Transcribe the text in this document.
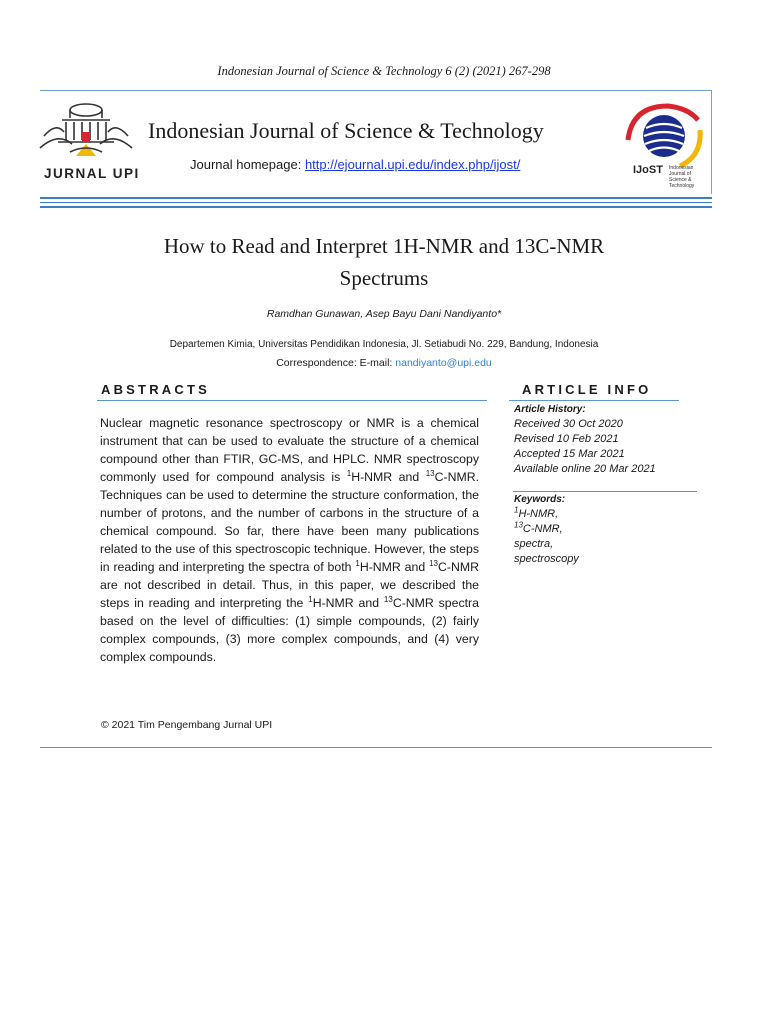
Indonesian Journal of Science & Technology 6 (2) (2021) 267-298
JURNAL UPI
Indonesian Journal of Science & Technology
Journal homepage: http://ejournal.upi.edu/index.php/ijost/	IJoST Indonesian Journal of Science & Technology
How to Read and Interpret 1H-NMR and 13C-NMR
Spectrums
Ramdhan Gunawan, Asep Bayu Dani Nandiyanto*
Departemen Kimia, Universitas Pendidikan Indonesia, Jl. Setiabudi No. 229, Bandung, Indonesia
Correspondence: E-mail: nandiyanto@upi.edu
ABSTRACTS	ARTICLE INFO
Nuclear magnetic resonance spectroscopy or NMR is a chemical instrument that can be used to evaluate the structure of a chemical compound other than FTIR, GC-MS, and HPLC. NMR spectroscopy commonly used for compound analysis is $^1$H-NMR and $^{13}$C-NMR. Techniques can be used to determine the structure conformation, the number of protons, and the number of carbons in the structure of a chemical compound. So far, there have been many publications related to the use of this spectroscopic technique. However, the steps in reading and interpreting the spectra of both $^1$H-NMR and $^{13}$C-NMR are not described in detail. Thus, in this paper, we described the steps in reading and interpreting the $^1$H-NMR and $^{13}$C-NMR spectra based on the level of difficulties: (1) simple compounds, (2) fairly complex compounds, (3) more complex compounds, and (4) very complex compounds.
Article History:
Received 30 Oct 2020
Revised 10 Feb 2021
Accepted 15 Mar 2021
Available online 20 Mar 2021
Keywords:
$^1$H-NMR,
$^{13}$C-NMR,
spectra,
spectroscopy
© 2021 Tim Pengembang Jurnal UPI
